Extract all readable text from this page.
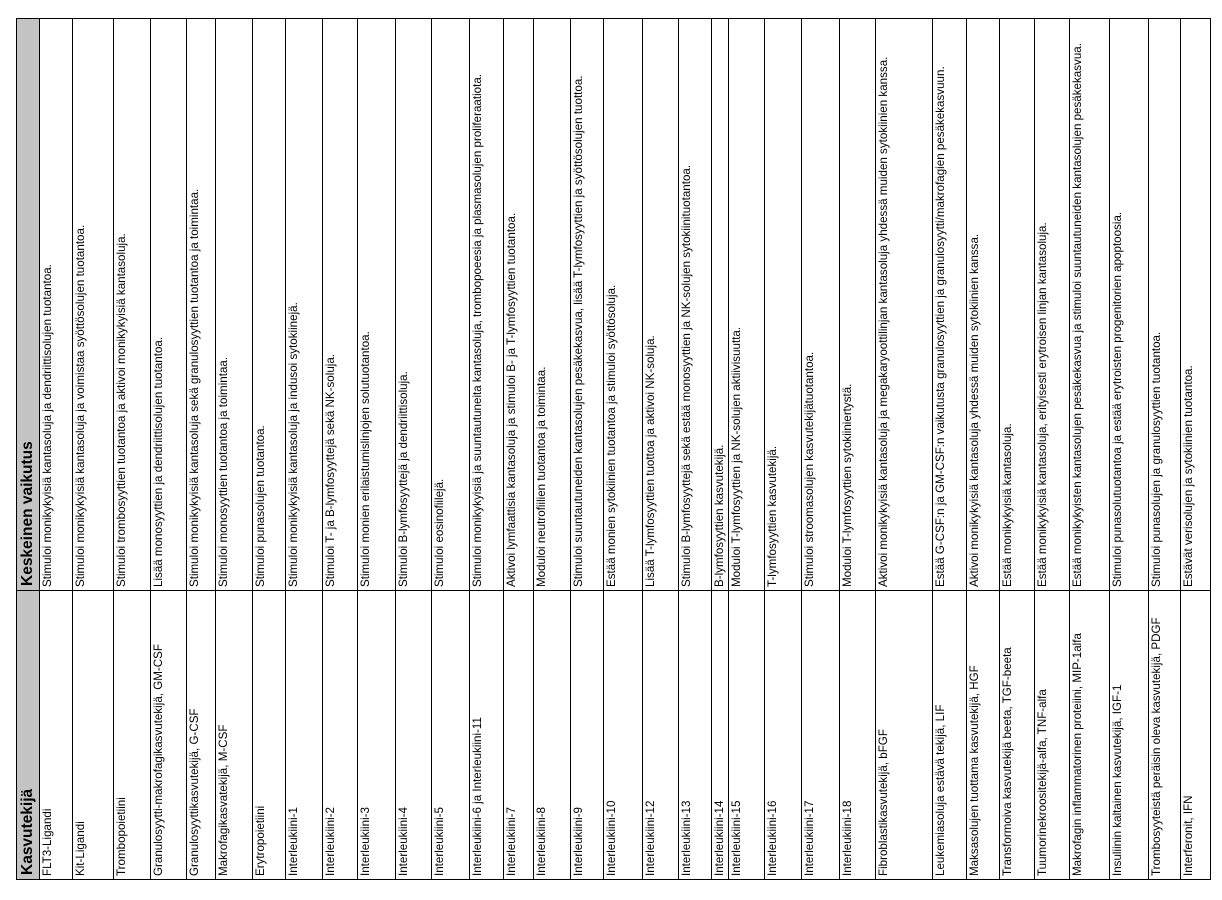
Kasvutekijä	Keskeinen vaikutus
FLT3-Ligandi	Stimuloi monikykyisiä kantasoluja ja dendriittisolujen tuotantoa.
Kit-Ligandi	Stimuloi monikykyisiä kantasoluja ja voimistaa syöttösolujen tuotantoa.
Trombopoietiini	Stimuloi trombosyyttien tuotantoa ja aktivoi monikykyisiä kantasoluja.
Granulosyytti-makrofagikasvutekijä, GM-CSF	Lisää monosyyttien ja dendriittisolujen tuotantoa.
Granulosyyttikasvutekijä, G-CSF	Stimuloi monikykyisiä kantasoluja sekä granulosyyttien tuotantoa ja toimintaa.
Makrofagikasvatekijä, M-CSF	Stimuloi monosyyttien tuotantoa ja toimintaa.
Erytropoietiini	Stimuloi punasolujen tuotantoa.
Interleukiini-1	Stimuloi monikykyisiä kantasoluja ja indusoi sytokiinejä.
Interleukiini-2	Stimuloi T- ja B-lymfosyyttejä sekä NK-soluja.
Interleukiini-3	Stimuloi monien erilaistumislinjojen solutuotantoa.
Interleukiini-4	Stimuloi B-lymfosyyttejä ja dendriittisoluja.
Interleukiini-5	Stimuloi eosinofiilejä.
Interleukiini-6 ja Interleukiini-11	Stimuloi monikykyisiä ja suuntautuneita kantasoluja, trombopoeesia ja plasmasolujen proliferaatiota.
Interleukiini-7	Aktivoi lymfaattisia kantasoluja ja stimuloi B- ja T-lymfosyyttien tuotantoa.
Interleukiini-8	Moduloi neutrofiilien tuotantoa ja toimintaa.
Interleukiini-9	Stimuloi suuntautuneiden kantasolujen pesäkekasvua, lisää T-lymfosyyttien ja syöttösolujen tuottoa.
Interleukiini-10	Estää monien sytokiinien tuotantoa ja stimuloi syöttösoluja.
Interleukiini-12	Lisää T-lymfosyyttien tuottoa ja aktivoi NK-soluja.
Interleukiini-13	Stimuloi B-lymfosyyttejä sekä estää monosyyttien ja NK-solujen sytokiinituotantoa.
Interleukiini-14	B-lymfosyyttien kasvutekijä.
Interleukiini-15	Moduloi T-lymfosyyttien ja NK-solujen aktiivisuutta.
Interleukiini-16	T-lymfosyyttien kasvutekijä.
Interleukiini-17	Stimuloi stroomasolujen kasvutekijätuotantoa.
Interleukiini-18	Moduloi T-lymfosyyttien sytokiiniertystä.
Fibroblastikasvutekijä, bFGF	Aktivoi monikykyisiä kantasoluja ja megakaryoottilinjan kantasoluja yhdessä muiden sytokiinien kanssa.
Leukemiasoluja estävä tekijä, LIF	Estää G-CSF:n ja GM-CSF:n vaikutusta granulosyyttien ja granulosyytti/makrofagien pesäkekasvuun.
Maksasolujen tuottama kasvutekijä, HGF	Aktivoi monikykyisiä kantasoluja yhdessä muiden sytokiinien kanssa.
Transformoiva kasvutekijä beeta, TGF-beeta	Estää monikykyisiä kantasoluja.
Tuumorinekroositekijä-alfa, TNF-alfa	Estää monikykyisiä kantasoluja, erityisesti erytroisen linjan kantasoluja.
Makrofagin inflammatorinen proteiini, MIP-1alfa	Estää monikykyisten kantasolujen pesäkekasvua ja stimuloi suuntautuneiden kantasolujen pesäkekasvua.
Insuliinin kaltainen kasvutekijä, IGF-1	Stimuloi punasolutuotantoa ja estää erytroisten progenitorien apoptoosia.
Trombosyyteistä peräisin oleva kasvutekijä, PDGF	Stimuloi punasolujen ja granulosyyttien tuotantoa.
Interferonit, IFN	Estävät verisolujen ja sytokiinien tuotantoa.
